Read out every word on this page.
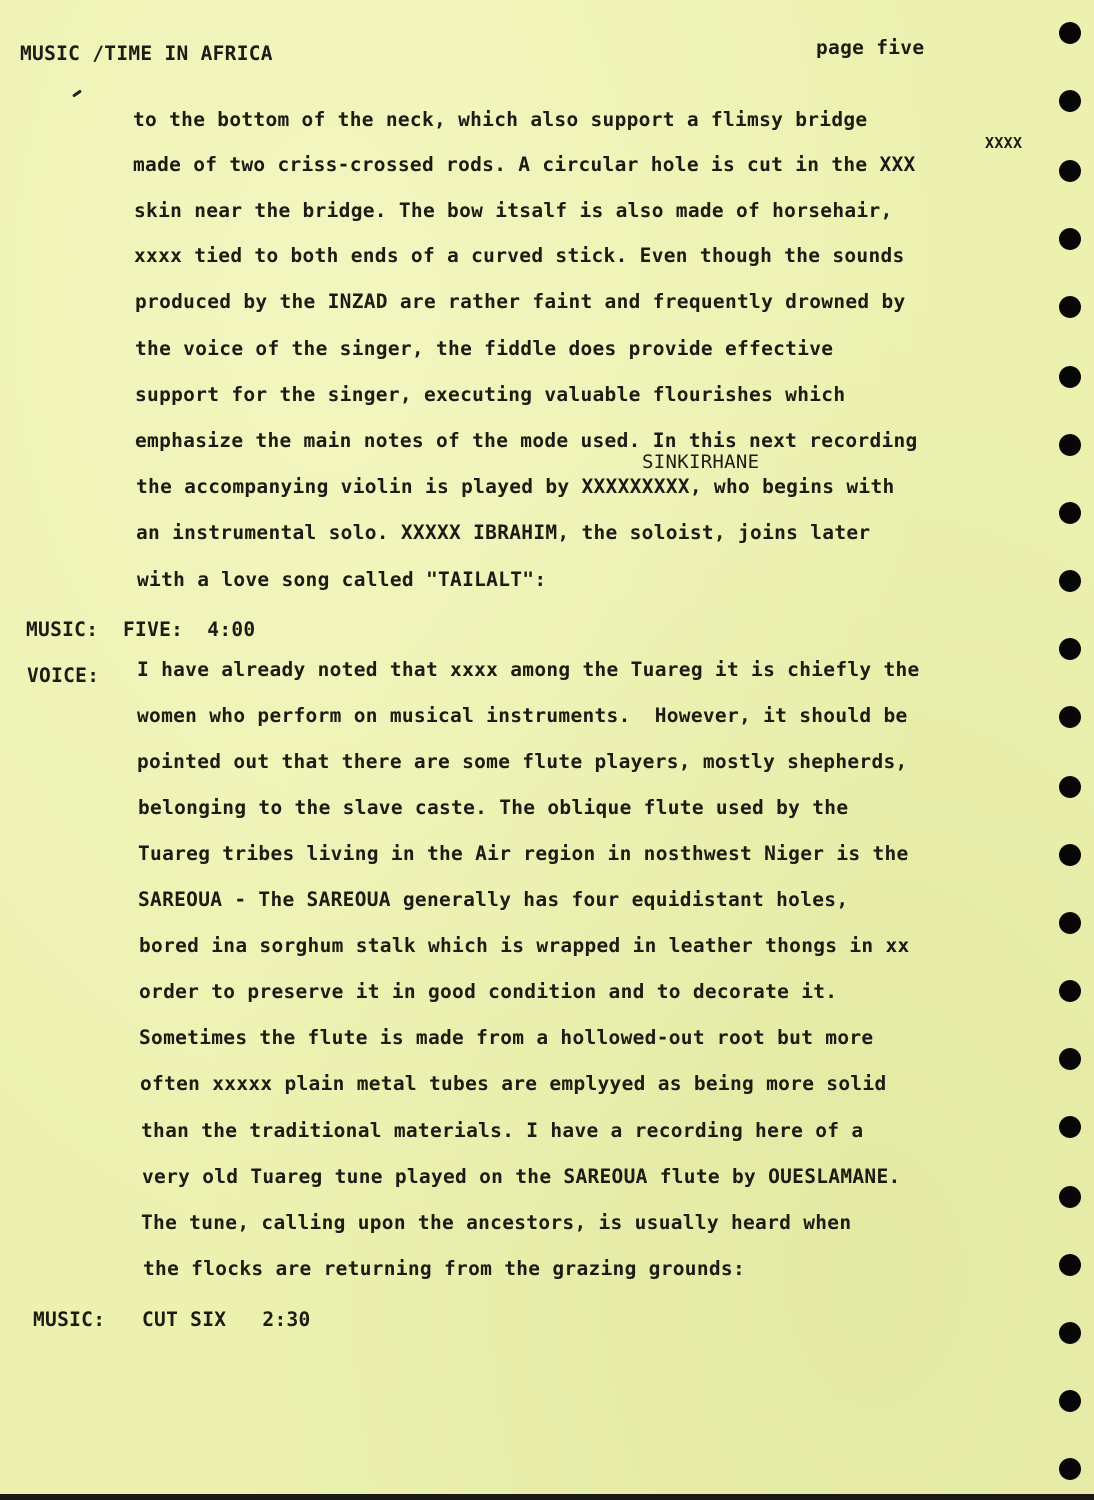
MUSIC ∕TIME IN AFRICA	page five
XXXX
SINKIRHANE
to the bottom of the neck, which also support a flimsy bridge
made of two criss-crossed rods. A circular hole is cut in the XXX
skin near the bridge. The bow itsalf is also made of horsehair,
xxxx tied to both ends of a curved stick. Even though the sounds
produced by the INZAD are rather faint and frequently drowned by
the voice of the singer, the fiddle does provide effective
support for the singer, executing valuable flourishes which
emphasize the main notes of the mode used. In this next recording
the accompanying violin is played by XXXXXXXXX, who begins with
an instrumental solo. XXXXX IBRAHIM, the soloist, joins later
with a love song called "TAILALT":
MUSIC: FIVE:  4:00
VOICE: I have already noted that xxxx among the Tuareg it is chiefly the
women who perform on musical instruments.  However, it should be
pointed out that there are some flute players, mostly shepherds,
belonging to the slave caste. The oblique flute used by the
Tuareg tribes living in the Air region in nosthwest Niger is the
SAREOUA - The SAREOUA generally has four equidistant holes,
bored ina sorghum stalk which is wrapped in leather thongs in xx
order to preserve it in good condition and to decorate it.
Sometimes the flute is made from a hollowed-out root but more
often xxxxx plain metal tubes are emplyyed as being more solid
than the traditional materials. I have a recording here of a
very old Tuareg tune played on the SAREOUA flute by OUESLAMANE.
The tune, calling upon the ancestors, is usually heard when
the flocks are returning from the grazing grounds:
MUSIC: CUT SIX   2:30
